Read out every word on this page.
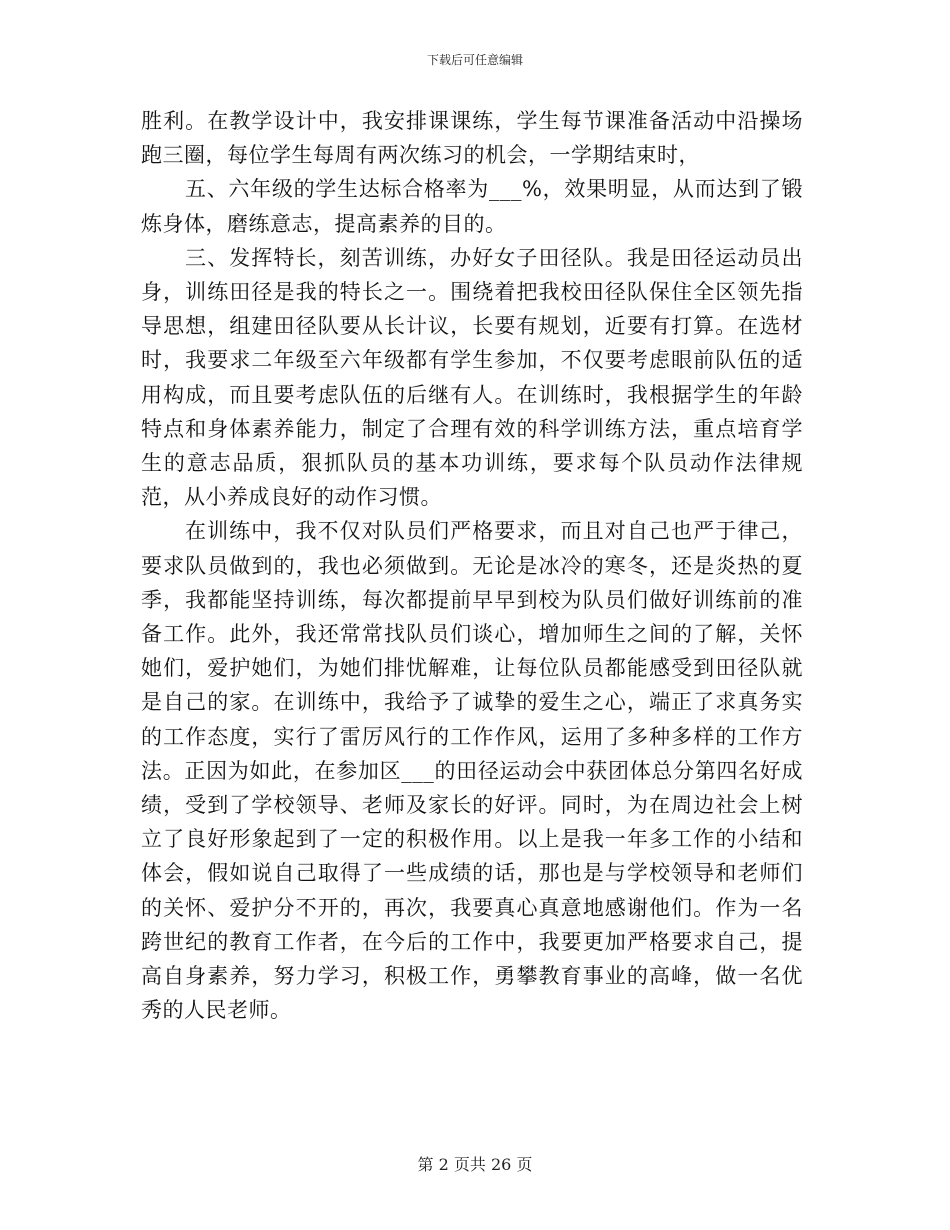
下载后可任意编辑

胜利。在教学设计中，我安排课课练，学生每节课准备活动中沿操场跑三圈，每位学生每周有两次练习的机会，一学期结束时，

五、六年级的学生达标合格率为___%，效果明显，从而达到了锻炼身体，磨练意志，提高素养的目的。

三、发挥特长，刻苦训练，办好女子田径队。我是田径运动员出身，训练田径是我的特长之一。围绕着把我校田径队保住全区领先指导思想，组建田径队要从长计议，长要有规划，近要有打算。在选材时，我要求二年级至六年级都有学生参加，不仅要考虑眼前队伍的适用构成，而且要考虑队伍的后继有人。在训练时，我根据学生的年龄特点和身体素养能力，制定了合理有效的科学训练方法，重点培育学生的意志品质，狠抓队员的基本功训练，要求每个队员动作法律规范，从小养成良好的动作习惯。

在训练中，我不仅对队员们严格要求，而且对自己也严于律己，要求队员做到的，我也必须做到。无论是冰冷的寒冬，还是炎热的夏季，我都能坚持训练，每次都提前早早到校为队员们做好训练前的准备工作。此外，我还常常找队员们谈心，增加师生之间的了解，关怀她们，爱护她们，为她们排忧解难，让每位队员都能感受到田径队就是自己的家。在训练中，我给予了诚挚的爱生之心，端正了求真务实的工作态度，实行了雷厉风行的工作作风，运用了多种多样的工作方法。正因为如此，在参加区___的田径运动会中获团体总分第四名好成绩，受到了学校领导、老师及家长的好评。同时，为在周边社会上树立了良好形象起到了一定的积极作用。以上是我一年多工作的小结和体会，假如说自己取得了一些成绩的话，那也是与学校领导和老师们的关怀、爱护分不开的，再次，我要真心真意地感谢他们。作为一名跨世纪的教育工作者，在今后的工作中，我要更加严格要求自己，提高自身素养，努力学习，积极工作，勇攀教育事业的高峰，做一名优秀的人民老师。

第 2 页共 26 页
